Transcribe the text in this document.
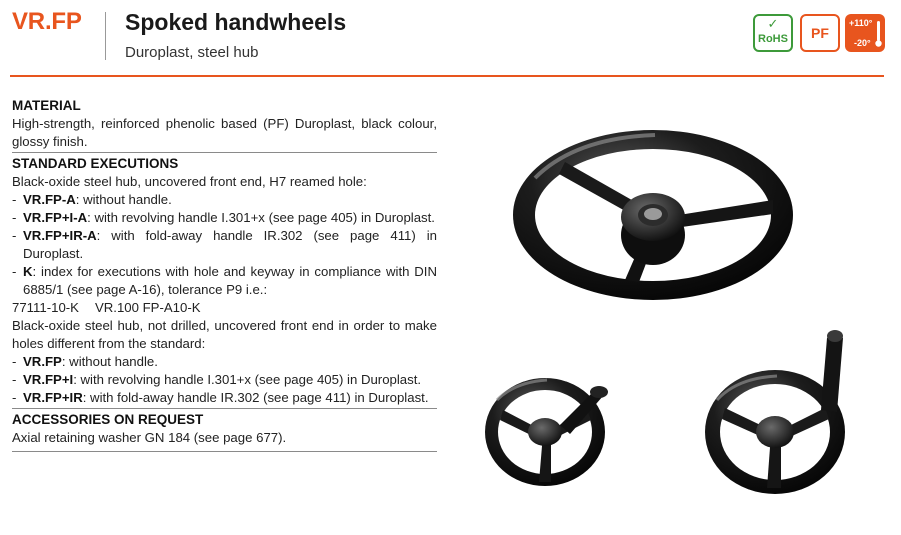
VR.FP Spoked handwheels
Duroplast, steel hub
✓
RoHS	PF
+110°
-20°

MATERIAL

High-strength, reinforced phenolic based (PF) Duroplast, black colour, glossy finish.

STANDARD EXECUTIONS

Black-oxide steel hub, uncovered front end, H7 reamed hole:

- VR.FP-A: without handle.
- VR.FP+I-A: with revolving handle I.301+x (see page 405) in Duroplast.
- VR.FP+IR-A: with fold-away handle IR.302 (see page 411) in Duroplast.
- K: index for executions with hole and keyway in compliance with DIN 6885/1 (see page A-16), tolerance P9 i.e.:

77111-10-K VR.100 FP-A10-K

Black-oxide steel hub, not drilled, uncovered front end in order to make holes different from the standard:

- VR.FP: without handle.
- VR.FP+I: with revolving handle I.301+x (see page 405) in Duroplast.
- VR.FP+IR: with fold-away handle IR.302 (see page 411) in Duroplast.

ACCESSORIES ON REQUEST

Axial retaining washer GN 184 (see page 677).
